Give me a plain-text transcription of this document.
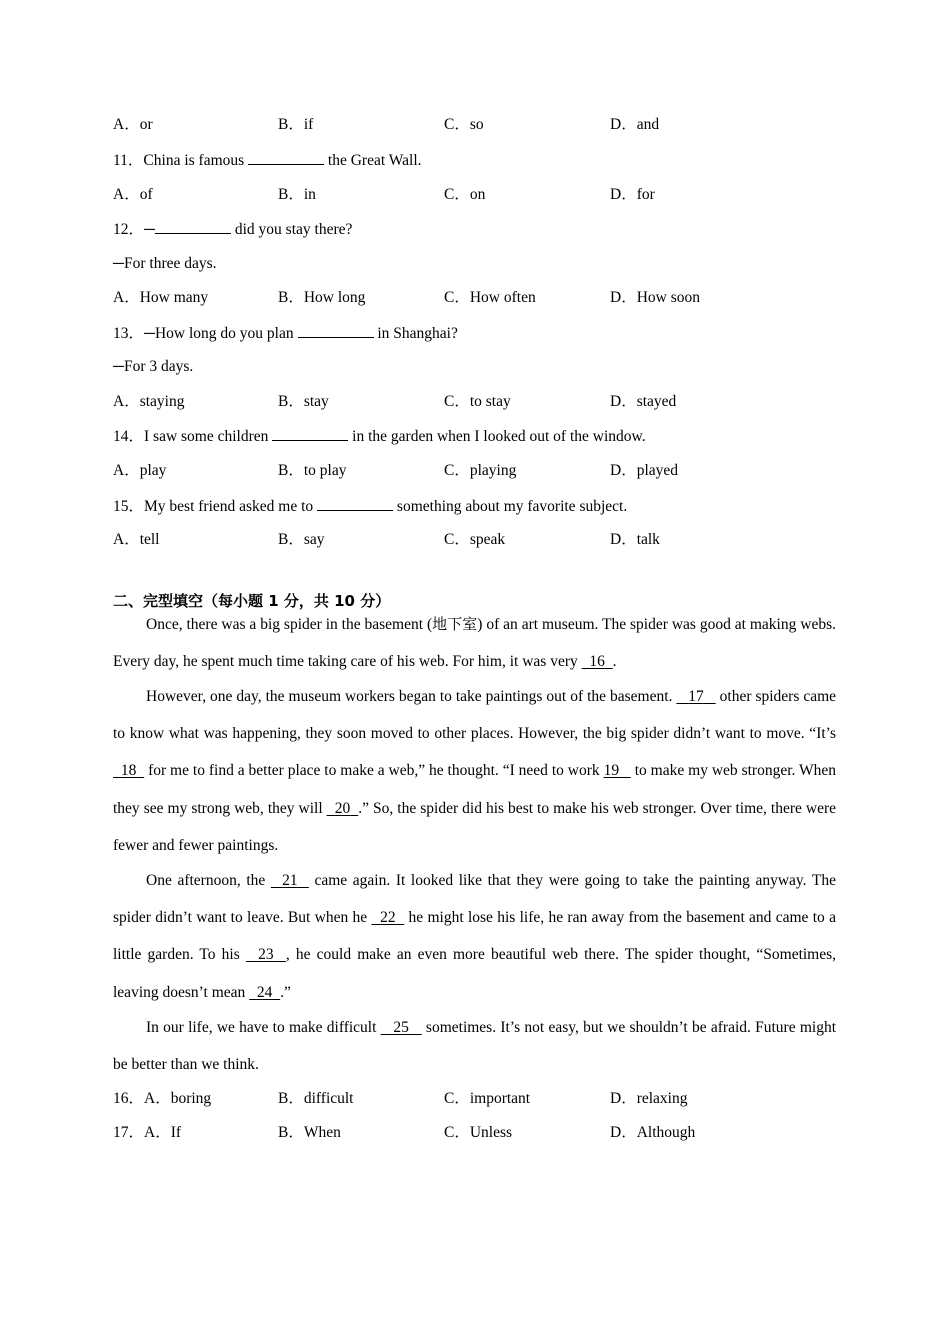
A．or	B．if	C．so	D．and
11．China is famous	the Great Wall.
A．of	B．in	C．on	D．for
12．─	did you stay there?
─For three days.
A．How many	B．How long	C．How often	D．How soon
13．─How long do you plan	in Shanghai?
─For 3 days.
A．staying	B．stay	C．to stay	D．stayed
14．I saw some children	in the garden when I looked out of the window.
A．play	B．to play	C．playing	D．played
15．My best friend asked me to	something about my favorite subject.
A．tell	B．say	C．speak	D．talk
二、完型填空（每小题 1 分，共 10 分）

Once, there was a big spider in the basement (地下室) of an art museum. The spider was good at making webs. Every day, he spent much time taking care of his web. For him, it was very   16 .

However, one day, the museum workers began to take paintings out of the basement.    17    other spiders came to know what was happening, they soon moved to other places. However, the big spider didn’t want to move. “It’s   18   for me to find a better place to make a web,” he thought. “I need to work 19    to make my web stronger. When they see my strong web, they will   20 .” So, the spider did his best to make his web stronger. Over time, there were fewer and fewer paintings.

One afternoon, the   21   came again. It looked like that they were going to take the painting anyway. The spider didn’t want to leave. But when he   22   he might lose his life, he ran away from the basement and came to a little garden. To his   23 , he could make an even more beautiful web there. The spider thought, “Sometimes, leaving doesn’t mean   24 .”

In our life, we have to make difficult    25    sometimes. It’s not easy, but we shouldn’t be afraid. Future might be better than we think.

16．A．boring	B．difficult	C．important	D．relaxing
17．A．If	B．When	C．Unless	D．Although
